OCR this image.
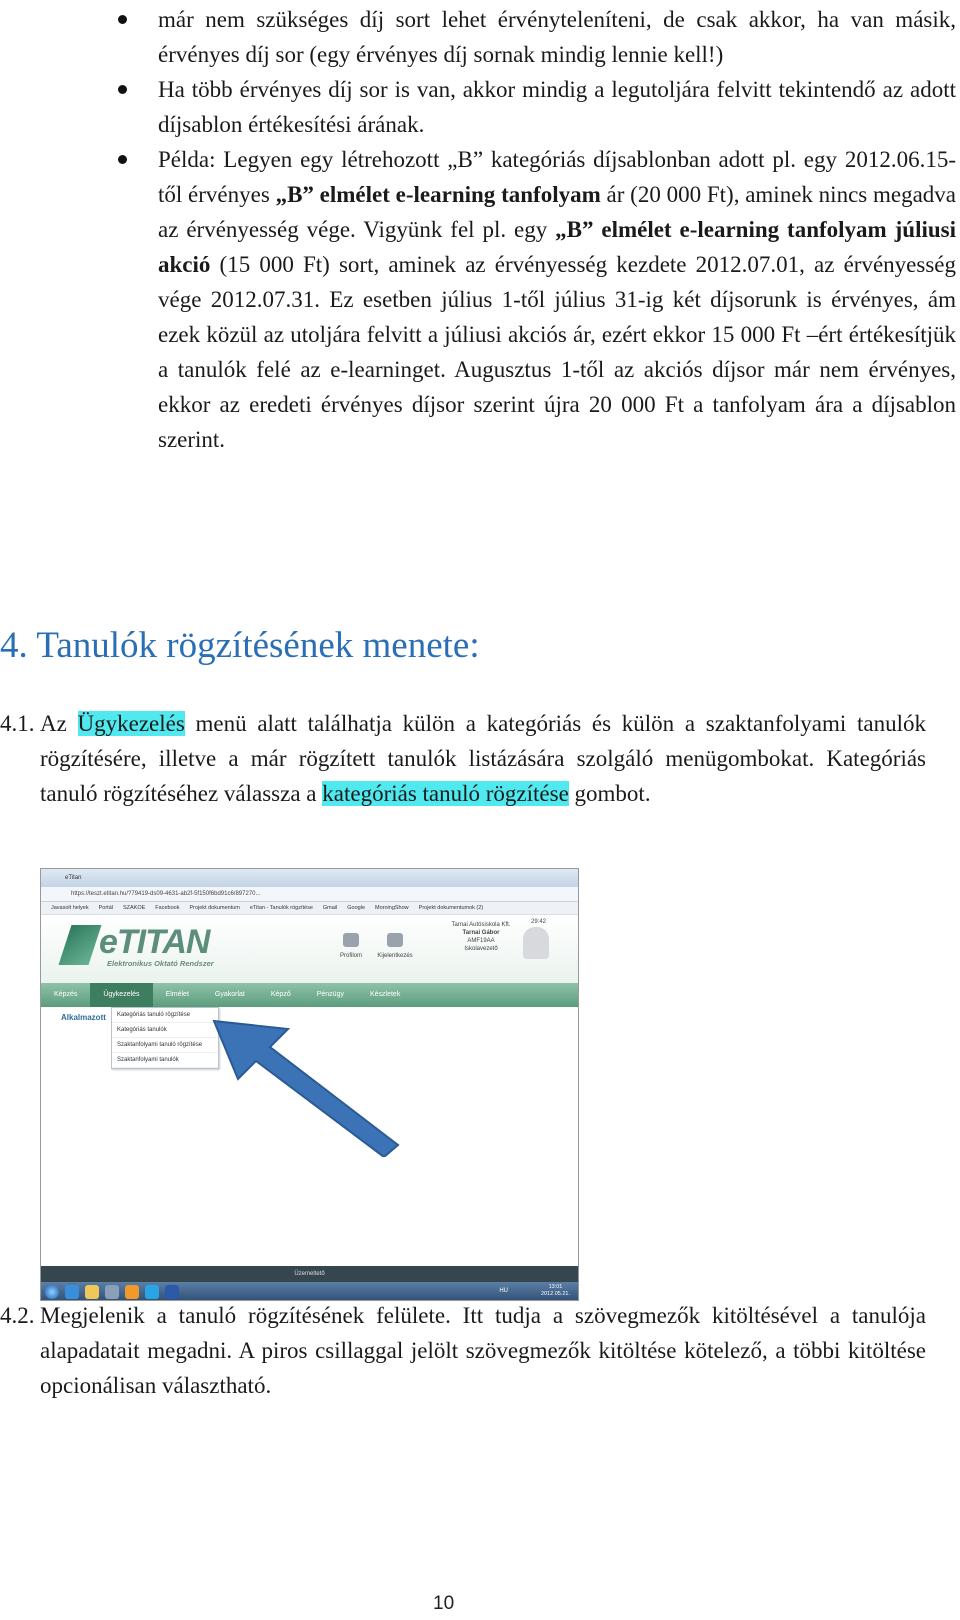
már nem szükséges díj sort lehet érvényteleníteni, de csak akkor, ha van másik, érvényes díj sor (egy érvényes díj sornak mindig lennie kell!)
Ha több érvényes díj sor is van, akkor mindig a legutoljára felvitt tekintendő az adott díjsablon értékesítési árának.
Példa: Legyen egy létrehozott „B” kategóriás díjsablonban adott pl. egy 2012.06.15-től érvényes „B” elmélet e-learning tanfolyam ár (20 000 Ft), aminek nincs megadva az érvényesség vége. Vigyünk fel pl. egy „B” elmélet e-learning tanfolyam júliusi akció (15 000 Ft) sort, aminek az érvényesség kezdete 2012.07.01, az érvényesség vége 2012.07.31. Ez esetben július 1-től július 31-ig két díjsorunk is érvényes, ám ezek közül az utoljára felvitt a júliusi akciós ár, ezért ekkor 15 000 Ft –ért értékesítjük a tanulók felé az e-learninget. Augusztus 1-től az akciós díjsor már nem érvényes, ekkor az eredeti érvényes díjsor szerint újra 20 000 Ft a tanfolyam ára a díjsablon szerint.
4. Tanulók rögzítésének menete:

4.1. Az Ügykezelés menü alatt találhatja külön a kategóriás és külön a szaktanfolyami tanulók rögzítésére, illetve a már rögzített tanulók listázására szolgáló menügombokat. Kategóriás tanuló rögzítéséhez válassza a kategóriás tanuló rögzítése gombot.

eTitan
https://teszt.etitan.hu/?79419-ds09-4631-ab2f-5f150f6bd91c6/897270...
Javasolt helyek Portál SZAKOE Facebook Projekt dokumentum eTitan - Tanulók rögzítése Gmail Google MorningShow Projekt dokumentumok (2)
eTITAN
Elektronikus Oktató Rendszer
Profilom	Kijelentkezés
Tarnai Autósiskola Kft.
Tarnai Gábor
AMF19AA
Iskolavezető
29:42
Képzés	Ügykezelés	Elmélet	Gyakorlat	Képző	Pénzügy	Készletek
Alkalmazott	Kategóriás tanuló rögzítése
Kategóriás tanulók
Szaktanfolyami tanuló rögzítése
Szaktanfolyami tanulók
Üzemeltető
HU
13:01
2012.05.21.

4.2. Megjelenik a tanuló rögzítésének felülete. Itt tudja a szövegmezők kitöltésével a tanulója alapadatait megadni. A piros csillaggal jelölt szövegmezők kitöltése kötelező, a többi kitöltése opcionálisan választható.

10
